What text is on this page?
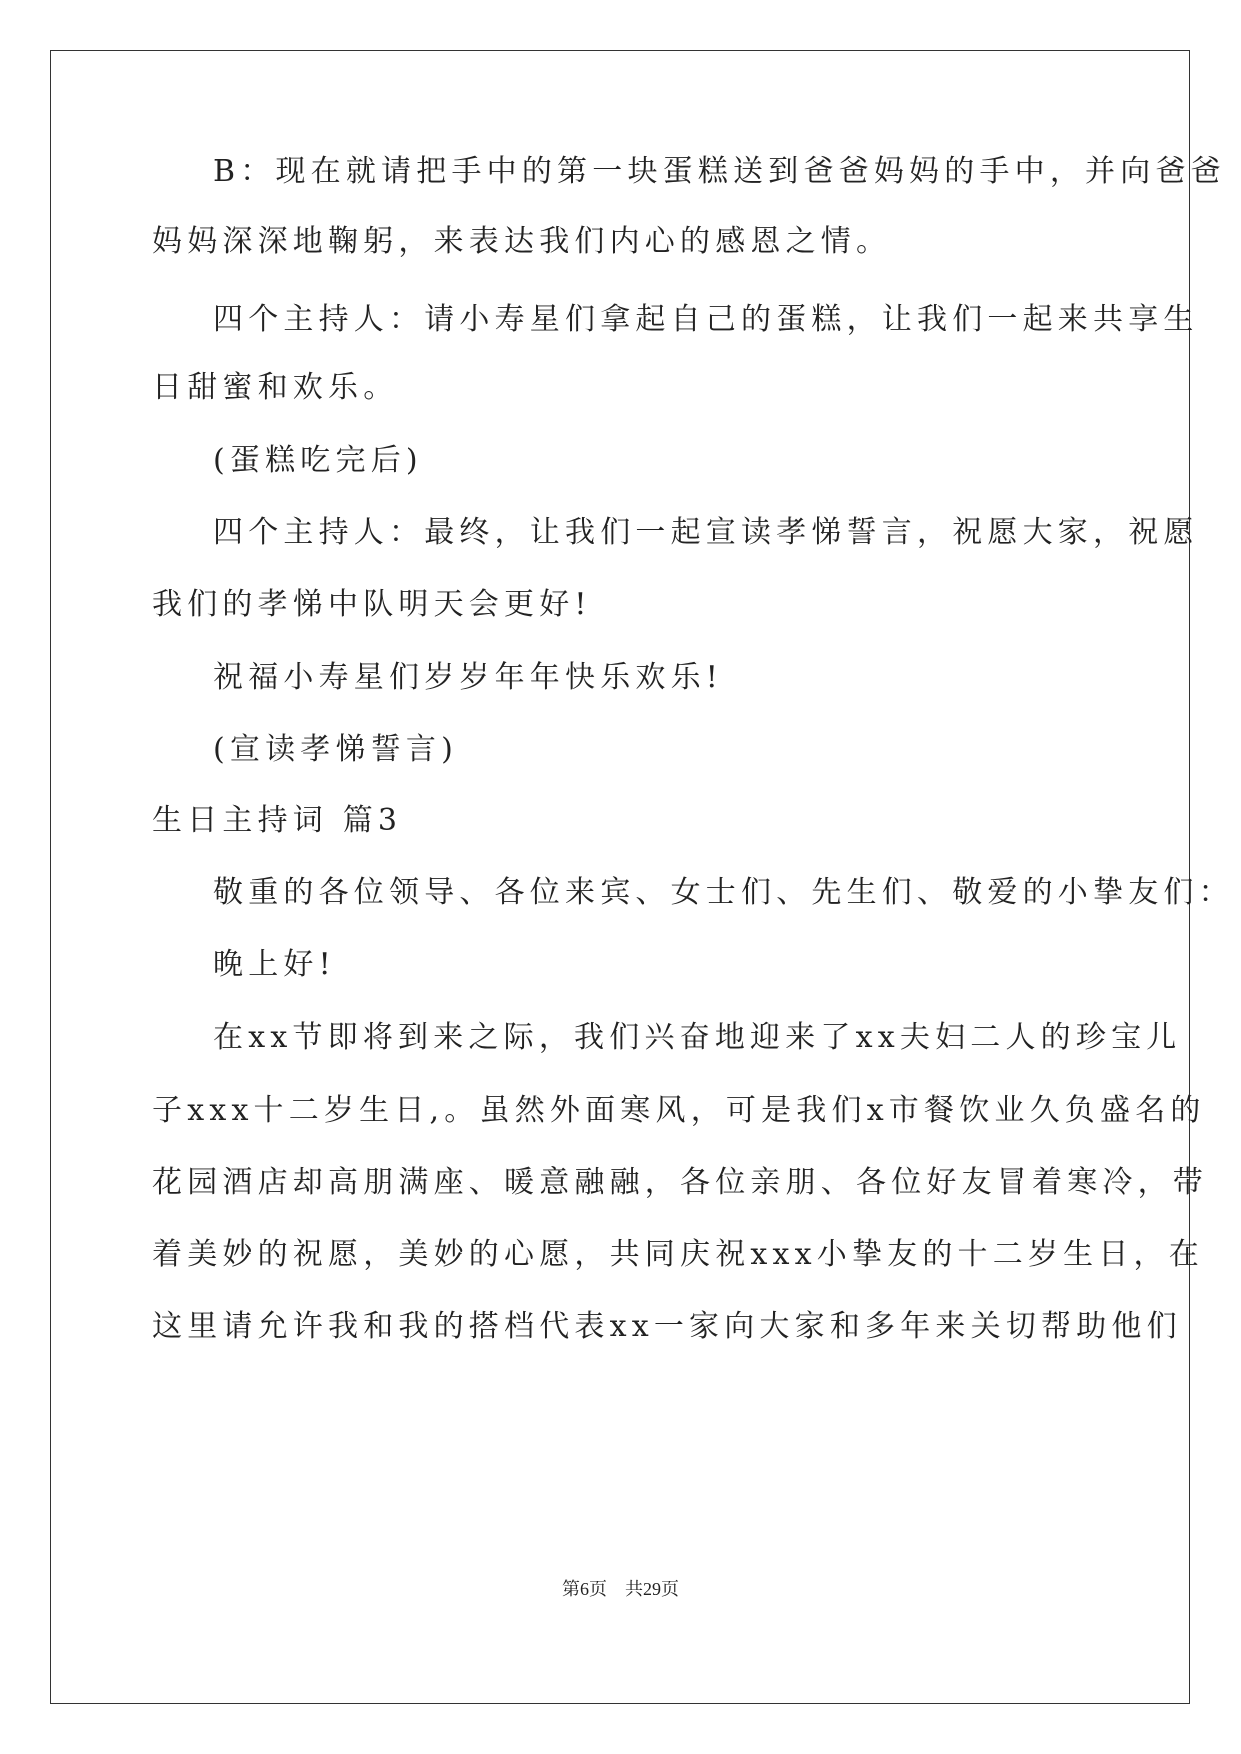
B：现在就请把手中的第一块蛋糕送到爸爸妈妈的手中，并向爸爸
妈妈深深地鞠躬，来表达我们内心的感恩之情。
四个主持人：请小寿星们拿起自己的蛋糕，让我们一起来共享生
日甜蜜和欢乐。
(蛋糕吃完后)
四个主持人：最终，让我们一起宣读孝悌誓言，祝愿大家，祝愿
我们的孝悌中队明天会更好!
祝福小寿星们岁岁年年快乐欢乐!
(宣读孝悌誓言)
生日主持词 篇3
敬重的各位领导、各位来宾、女士们、先生们、敬爱的小挚友们：
晚上好!
在xx节即将到来之际，我们兴奋地迎来了xx夫妇二人的珍宝儿
子xxx十二岁生日,。虽然外面寒风，可是我们x市餐饮业久负盛名的
花园酒店却高朋满座、暖意融融，各位亲朋、各位好友冒着寒冷，带
着美妙的祝愿，美妙的心愿，共同庆祝xxx小挚友的十二岁生日，在
这里请允许我和我的搭档代表xx一家向大家和多年来关切帮助他们
第6页 共29页
